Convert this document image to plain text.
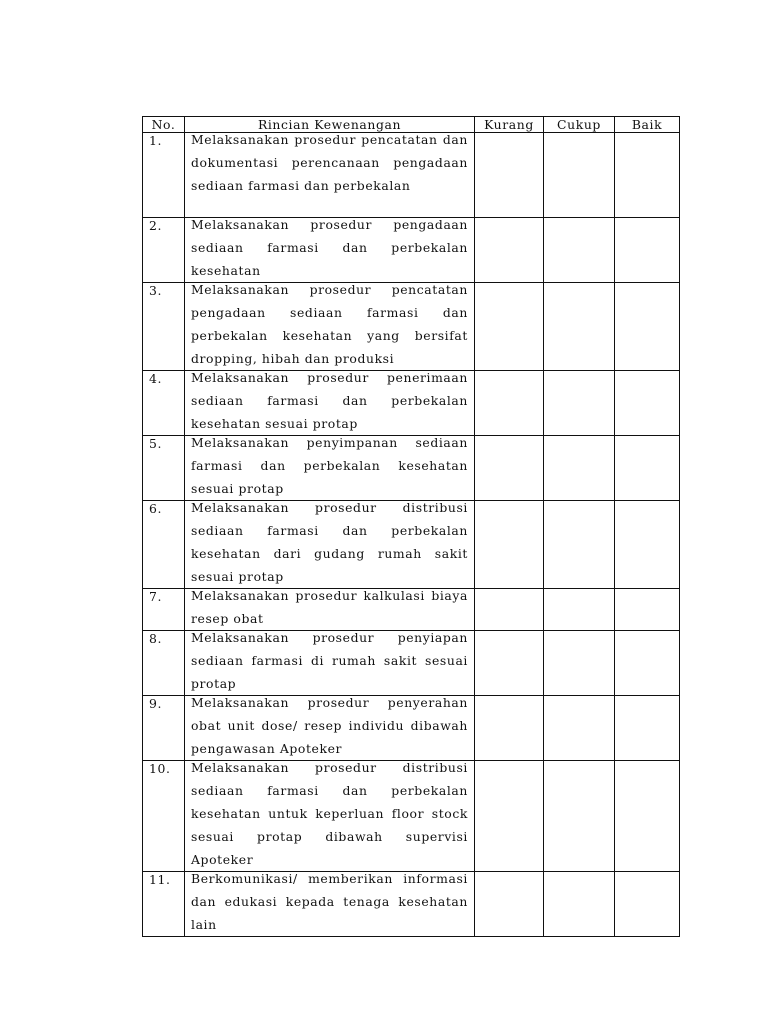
No.	Rincian Kewenangan	Kurang	Cukup	Baik
1.	Melaksanakan prosedur pencatatan dan dokumentasi perencanaan pengadaan sediaan farmasi dan perbekalan			

2.	Melaksanakan prosedur pengadaan sediaan farmasi dan perbekalan kesehatan			

3.	Melaksanakan prosedur pencatatan pengadaan sediaan farmasi dan perbekalan kesehatan yang bersifat dropping, hibah dan produksi			

4.	Melaksanakan prosedur penerimaan sediaan farmasi dan perbekalan kesehatan sesuai protap			

5.	Melaksanakan penyimpanan sediaan farmasi dan perbekalan kesehatan sesuai protap			

6.	Melaksanakan prosedur distribusi sediaan farmasi dan perbekalan kesehatan dari gudang rumah sakit sesuai protap			

7.	Melaksanakan prosedur kalkulasi biaya resep obat			

8.	Melaksanakan prosedur penyiapan sediaan farmasi di rumah sakit sesuai protap			

9.	Melaksanakan prosedur penyerahan obat unit dose/ resep individu dibawah pengawasan Apoteker			

10.	Melaksanakan prosedur distribusi sediaan farmasi dan perbekalan kesehatan untuk keperluan floor stock sesuai protap dibawah supervisi Apoteker			

11.	Berkomunikasi/ memberikan informasi dan edukasi kepada tenaga kesehatan lain			
